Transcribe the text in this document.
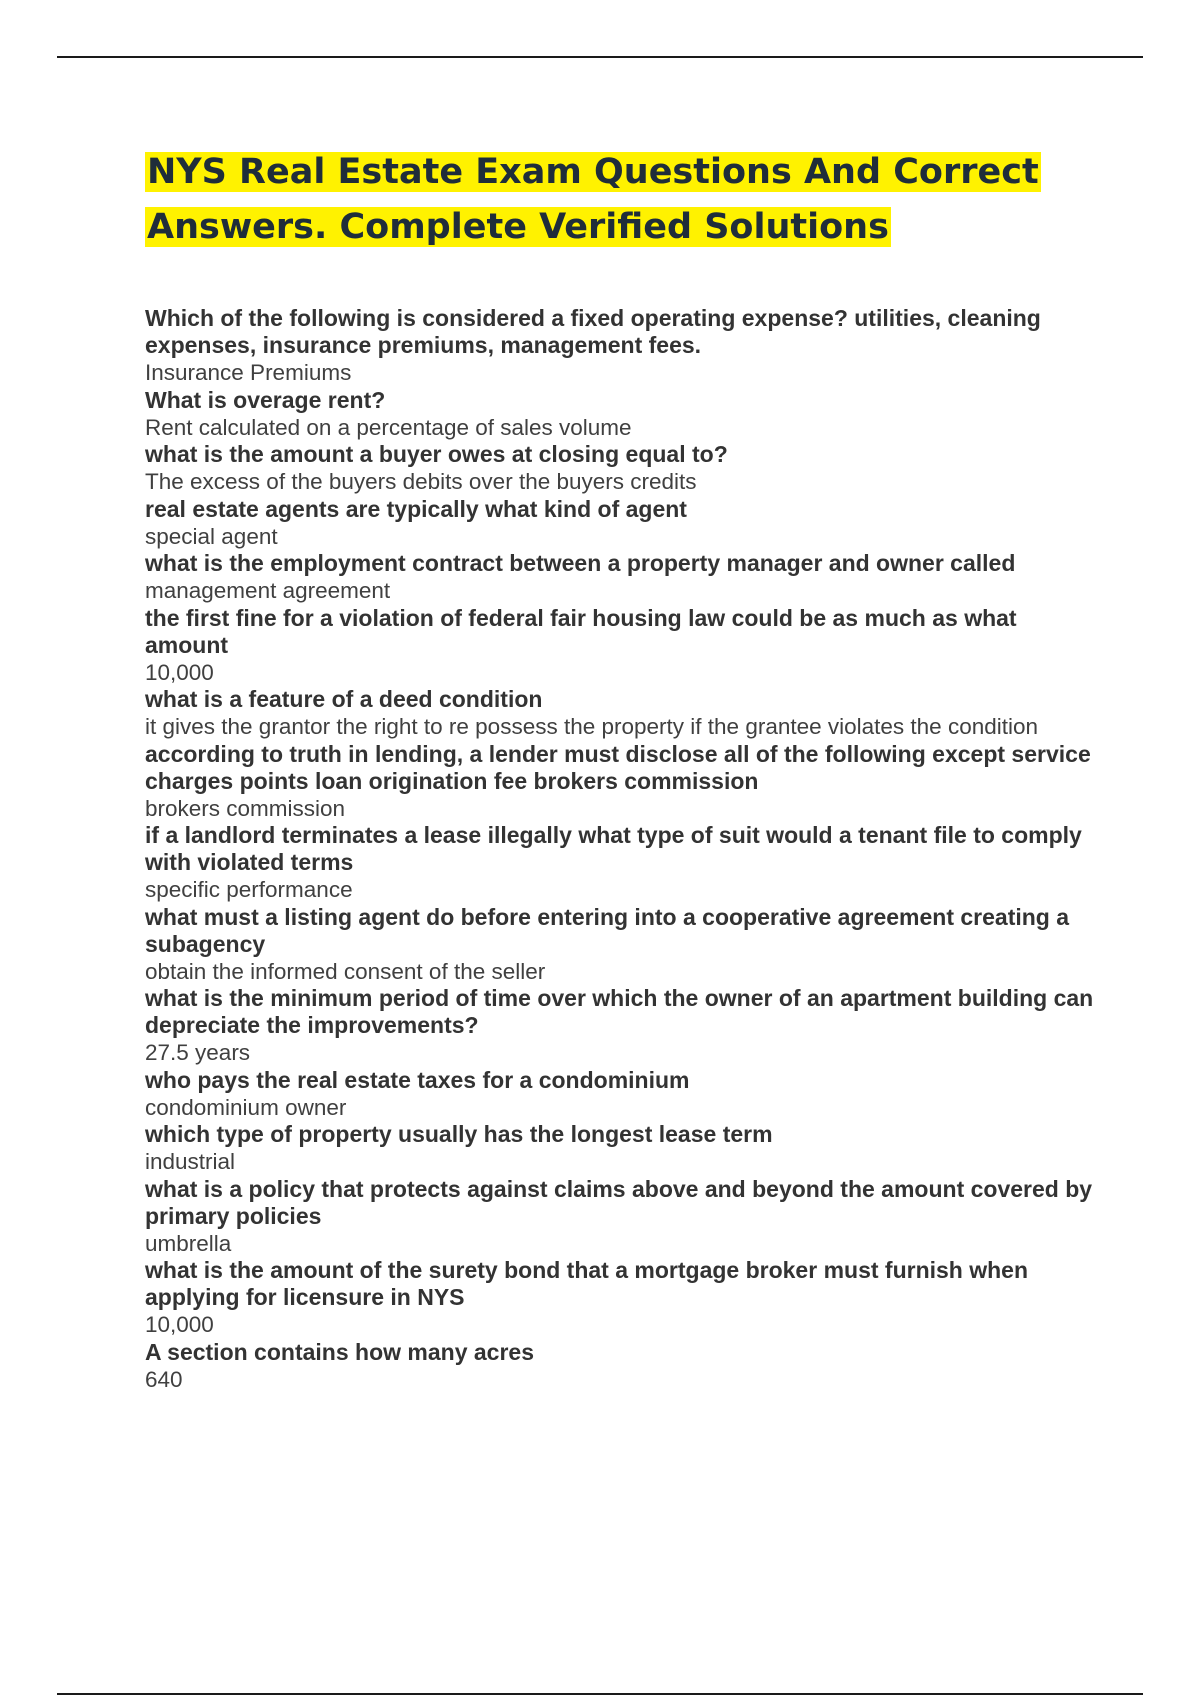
NYS Real Estate Exam Questions And Correct Answers. Complete Verified Solutions

Which of the following is considered a fixed operating expense? utilities, cleaning expenses, insurance premiums, management fees.

Insurance Premiums

What is overage rent?

Rent calculated on a percentage of sales volume

what is the amount a buyer owes at closing equal to?

The excess of the buyers debits over the buyers credits

real estate agents are typically what kind of agent

special agent

what is the employment contract between a property manager and owner called

management agreement

the first fine for a violation of federal fair housing law could be as much as what amount

10,000

what is a feature of a deed condition

it gives the grantor the right to re possess the property if the grantee violates the condition

according to truth in lending, a lender must disclose all of the following except service charges points loan origination fee brokers commission

brokers commission

if a landlord terminates a lease illegally what type of suit would a tenant file to comply with violated terms

specific performance

what must a listing agent do before entering into a cooperative agreement creating a subagency

obtain the informed consent of the seller

what is the minimum period of time over which the owner of an apartment building can depreciate the improvements?

27.5 years

who pays the real estate taxes for a condominium

condominium owner

which type of property usually has the longest lease term

industrial

what is a policy that protects against claims above and beyond the amount covered by primary policies

umbrella

what is the amount of the surety bond that a mortgage broker must furnish when applying for licensure in NYS

10,000

A section contains how many acres

640
